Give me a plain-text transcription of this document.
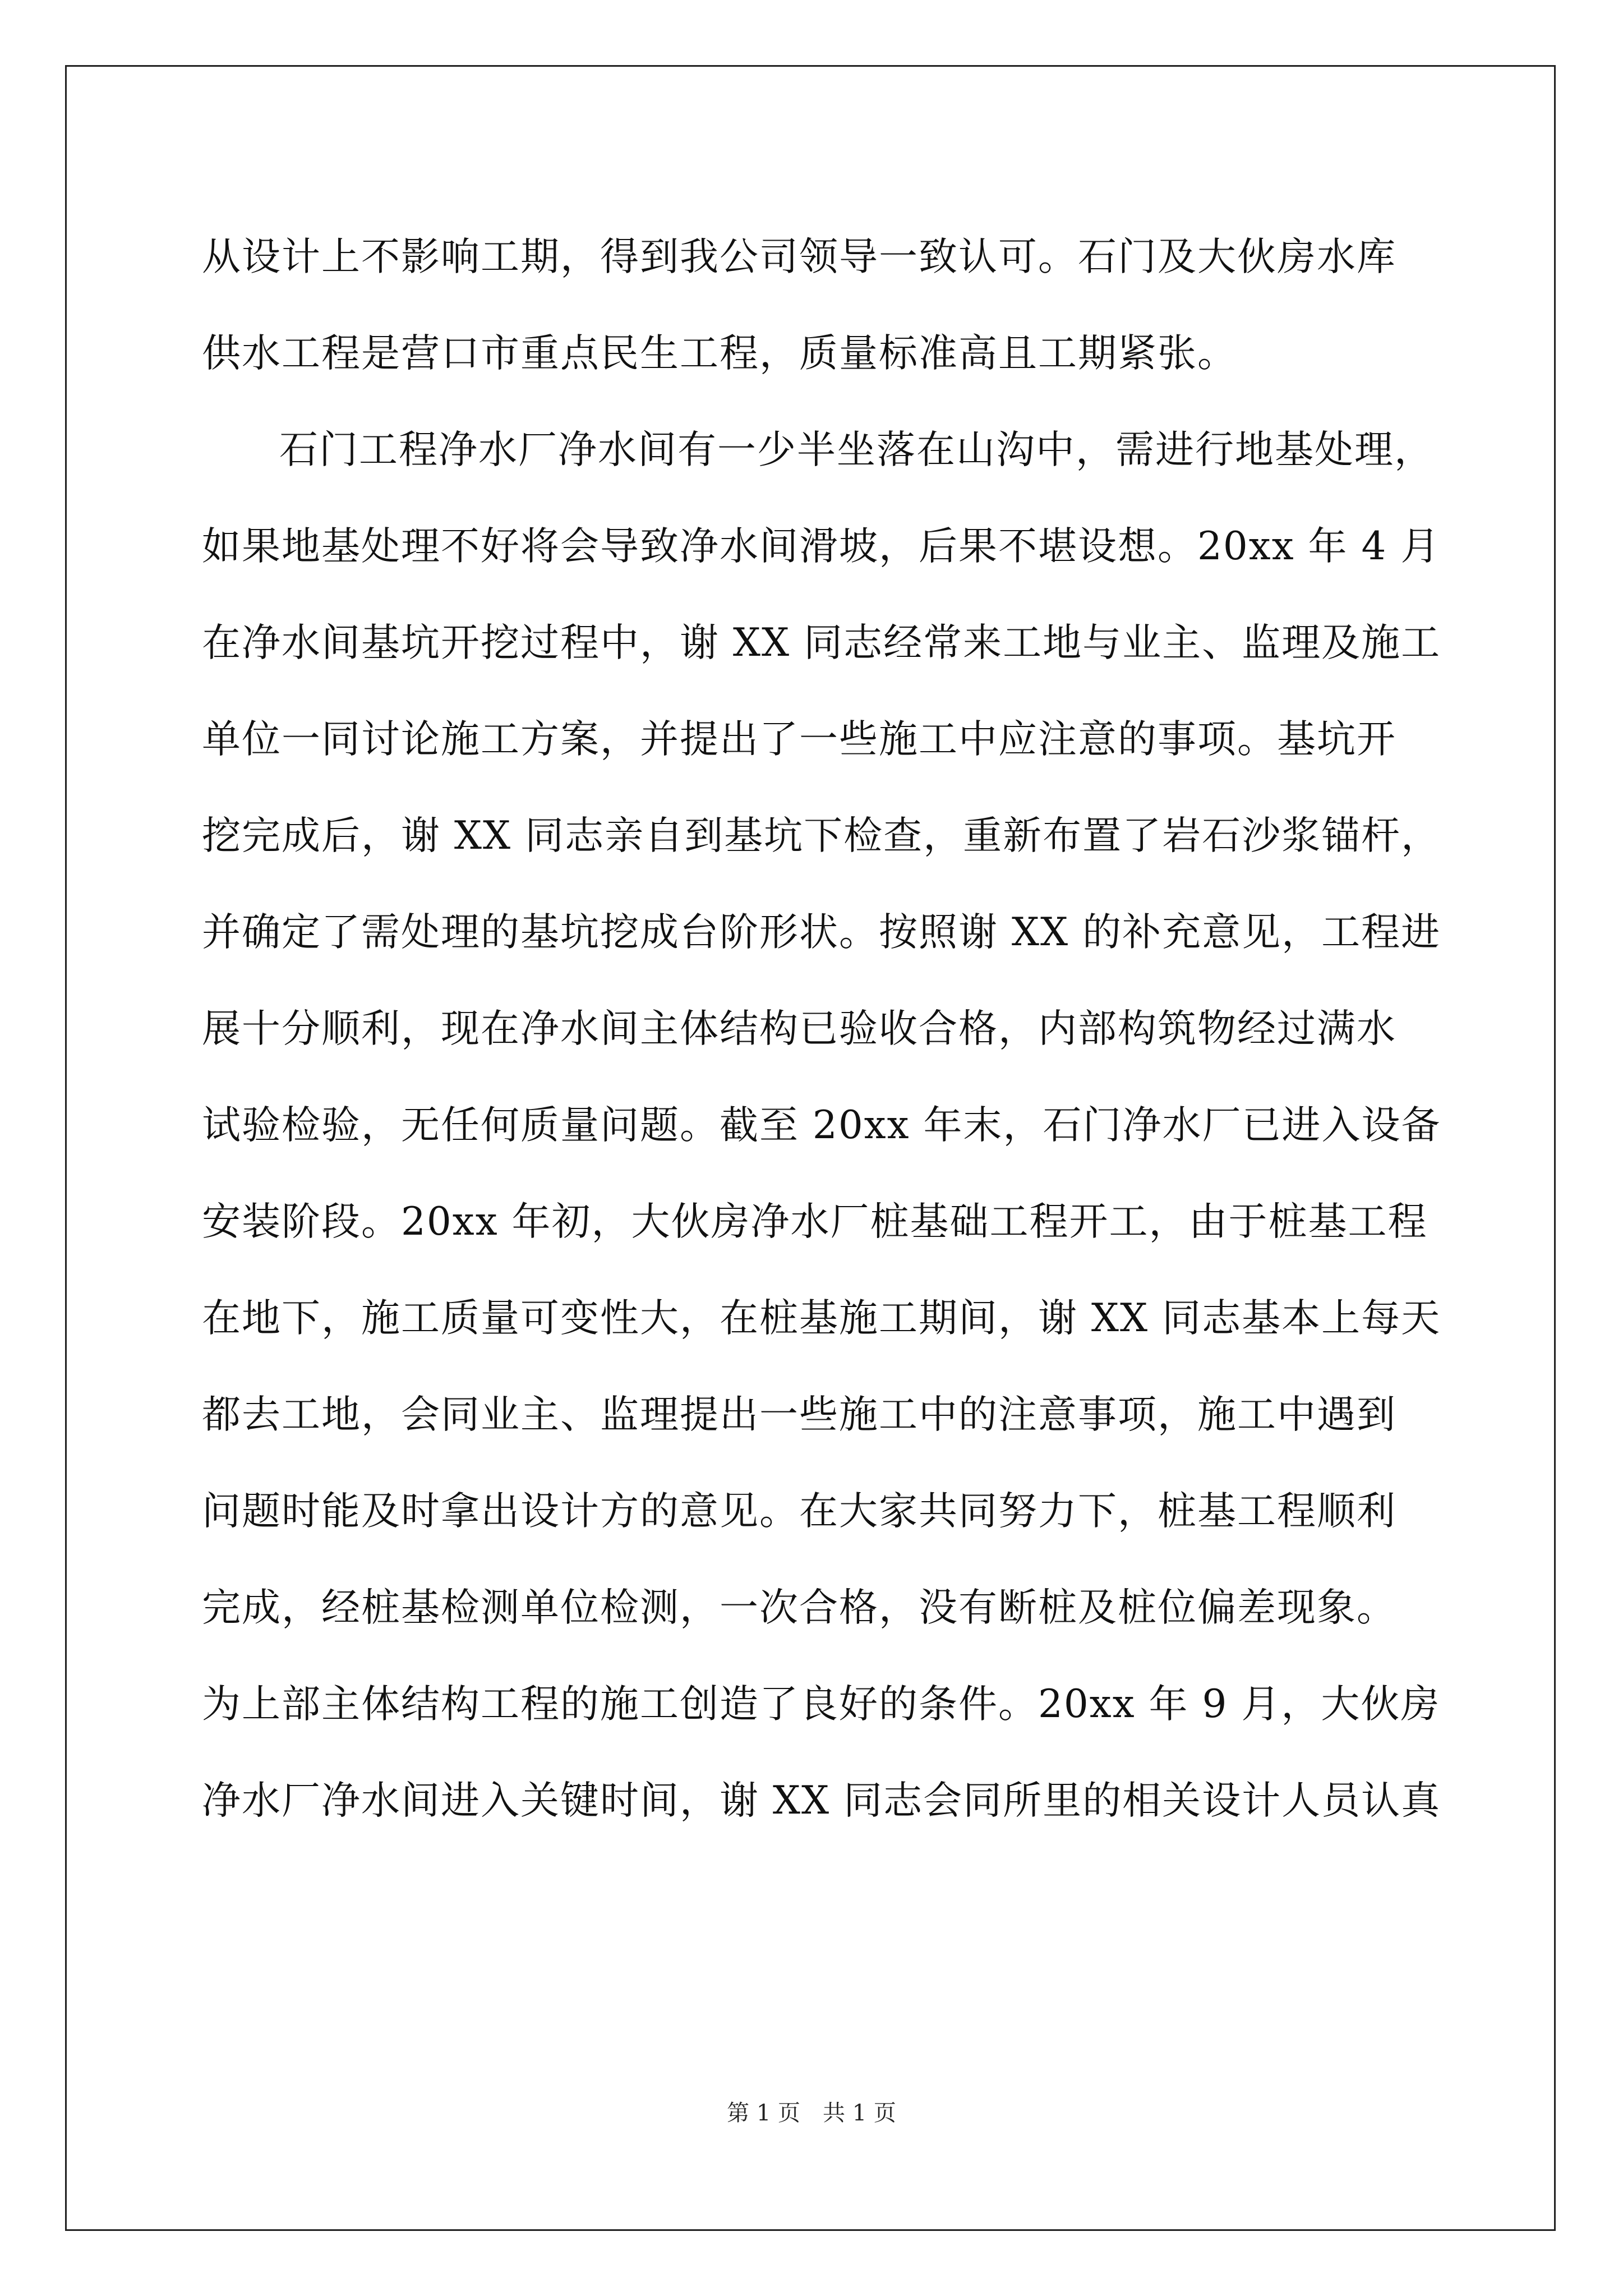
从设计上不影响工期，得到我公司领导一致认可。石门及大伙房水库
供水工程是营口市重点民生工程，质量标准高且工期紧张。
石门工程净水厂净水间有一少半坐落在山沟中，需进行地基处理，
如果地基处理不好将会导致净水间滑坡，后果不堪设想。20xx 年 4 月
在净水间基坑开挖过程中，谢 XX 同志经常来工地与业主、监理及施工
单位一同讨论施工方案，并提出了一些施工中应注意的事项。基坑开
挖完成后，谢 XX 同志亲自到基坑下检查，重新布置了岩石沙浆锚杆，
并确定了需处理的基坑挖成台阶形状。按照谢 XX 的补充意见，工程进
展十分顺利，现在净水间主体结构已验收合格，内部构筑物经过满水
试验检验，无任何质量问题。截至 20xx 年末，石门净水厂已进入设备
安装阶段。20xx 年初，大伙房净水厂桩基础工程开工，由于桩基工程
在地下，施工质量可变性大，在桩基施工期间，谢 XX 同志基本上每天
都去工地，会同业主、监理提出一些施工中的注意事项，施工中遇到
问题时能及时拿出设计方的意见。在大家共同努力下，桩基工程顺利
完成，经桩基检测单位检测，一次合格，没有断桩及桩位偏差现象。
为上部主体结构工程的施工创造了良好的条件。20xx 年 9 月，大伙房
净水厂净水间进入关键时间，谢 XX 同志会同所里的相关设计人员认真
第 1 页　共 1 页
